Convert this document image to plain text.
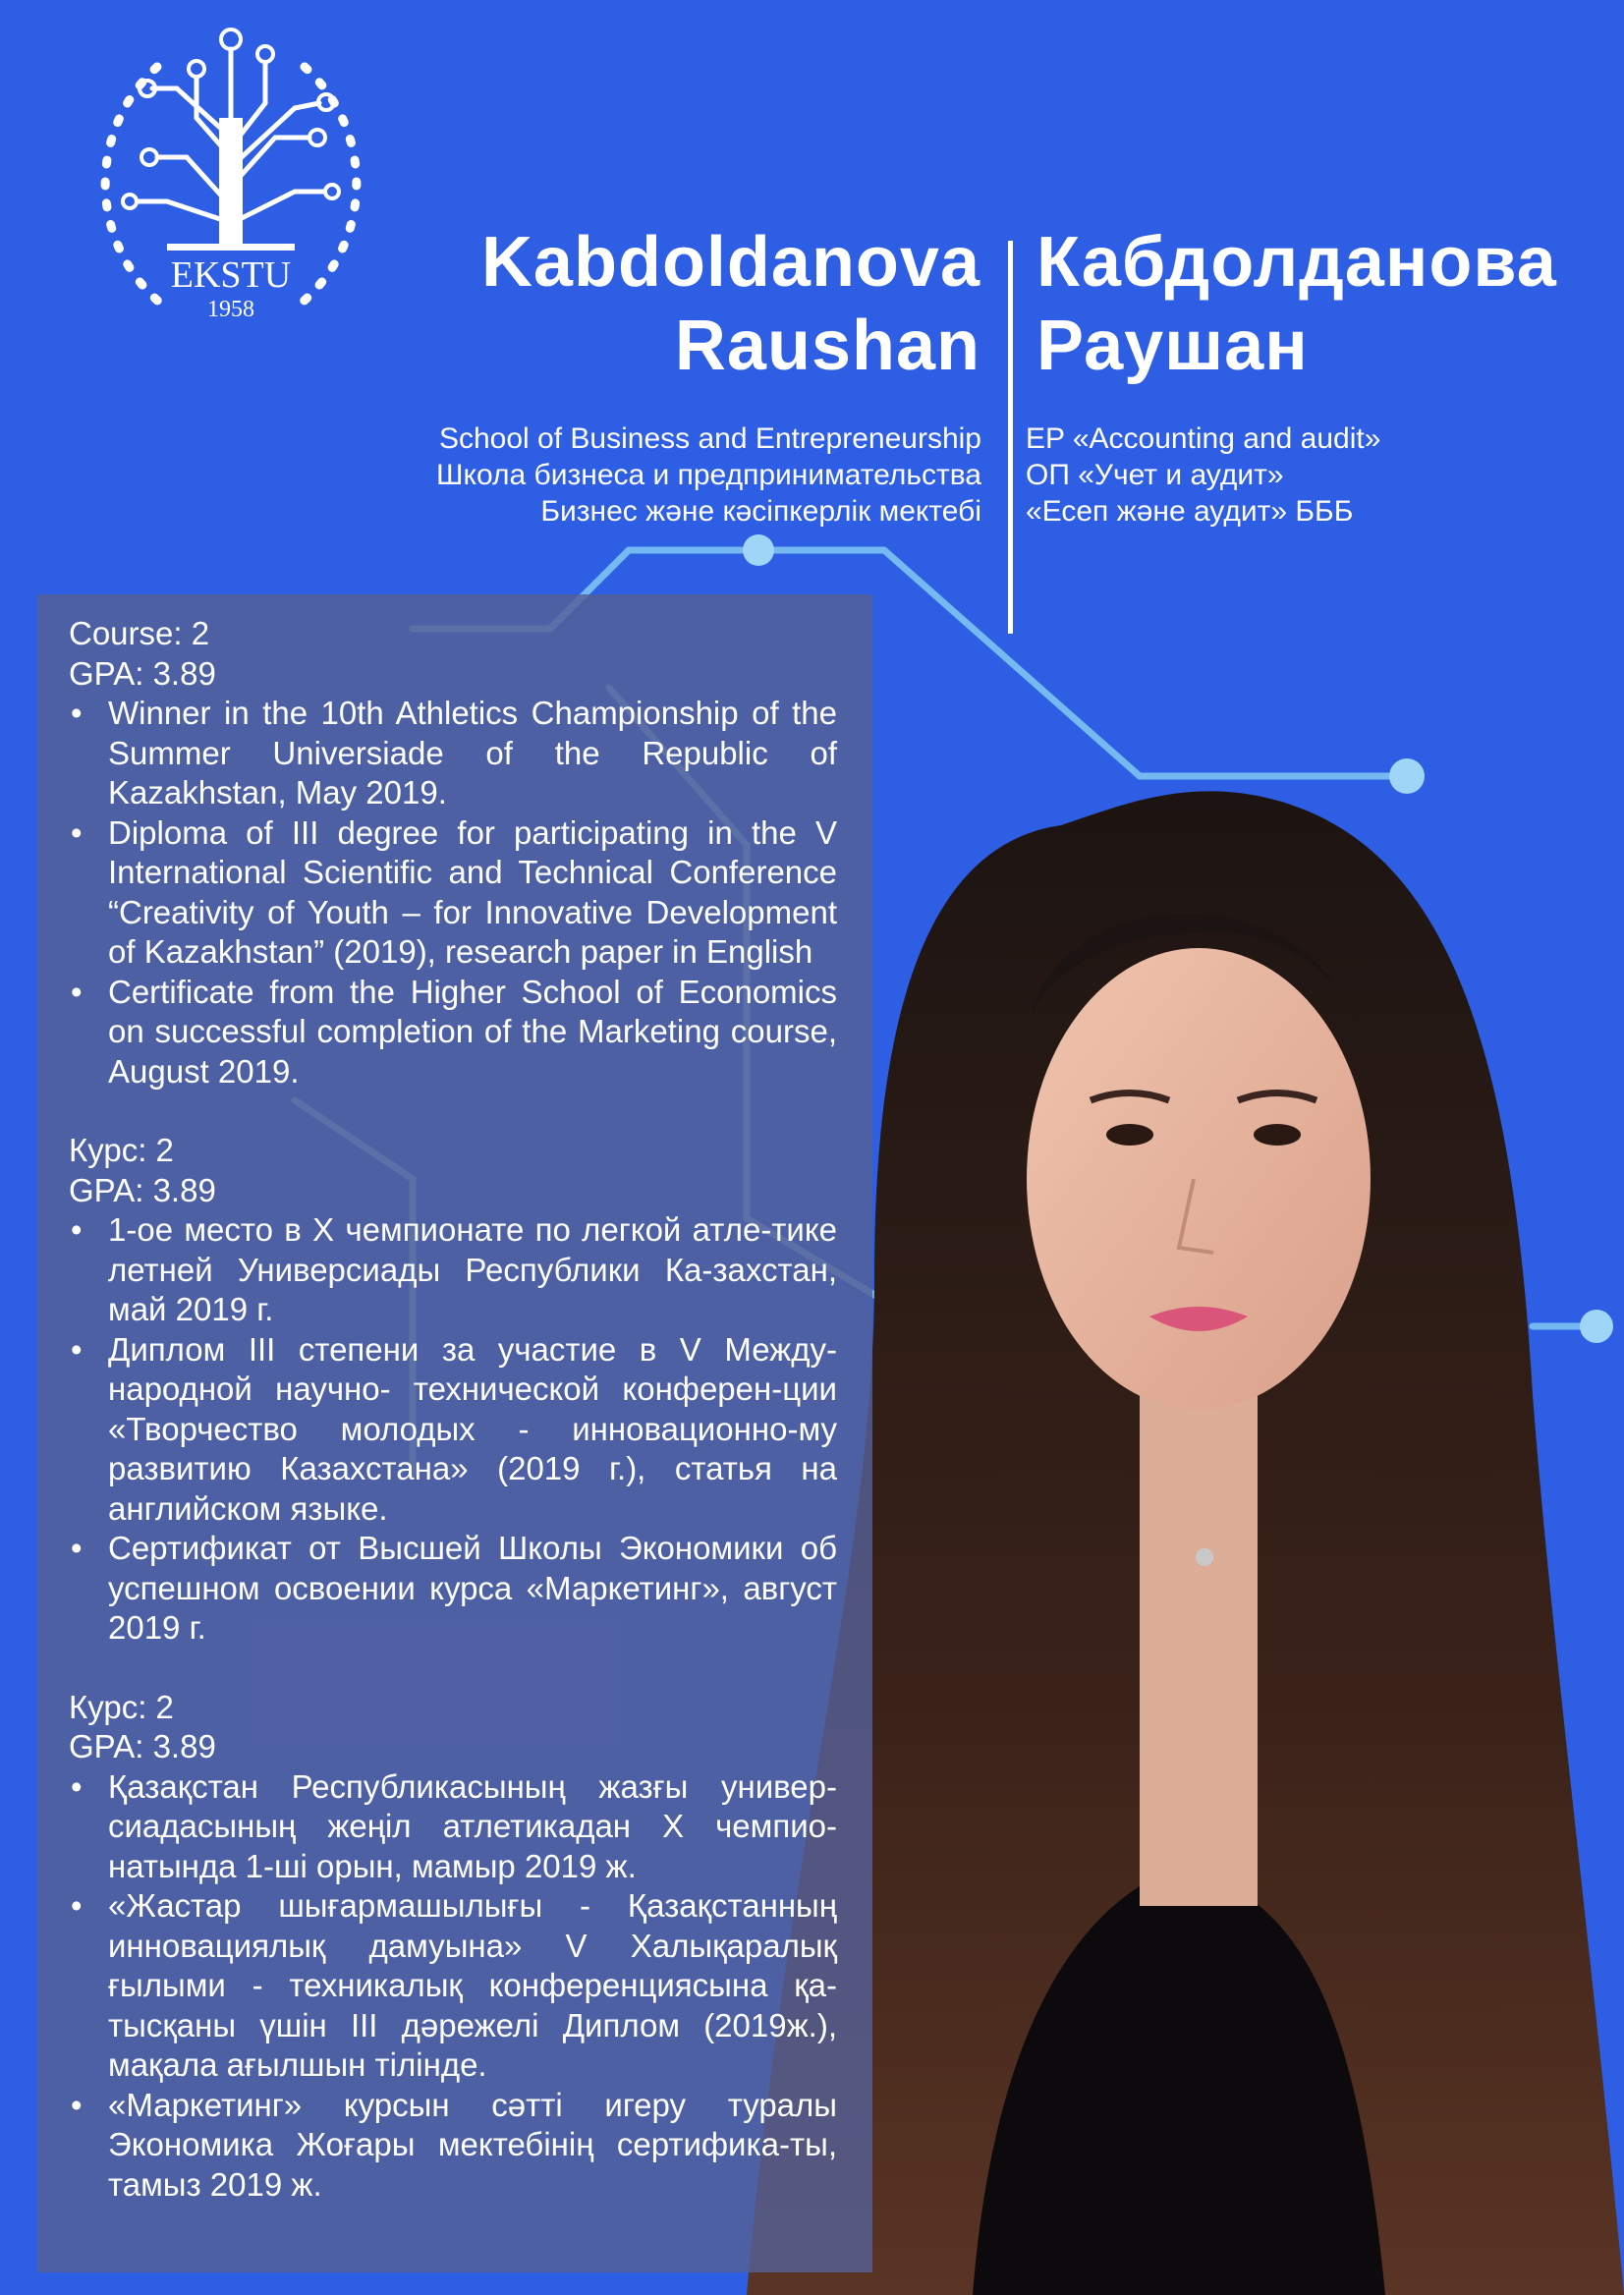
EKSTU
1958
Kabdoldanova
Raushan
Кабдолданова
Раушан
School of Business and Entrepreneurship
Школа бизнеса и предпринимательства
Бизнес және кәсіпкерлік мектебі
EP «Accounting and audit»
ОП «Учет и аудит»
«Есеп және аудит» БББ
Course: 2
GPA: 3.89
• Winner in the 10th Athletics Championship of the Summer Universiade of the Republic of Kazakhstan, May 2019.
• Diploma of III degree for participating in the V International Scientific and Technical Conference “Creativity of Youth – for Innovative Development of Kazakhstan” (2019), research paper in English
• Certificate from the Higher School of Economics on successful completion of the Marketing course, August 2019.
Курс: 2
GPA: 3.89
• 1-ое место в X чемпионате по легкой атле-тике летней Универсиады Республики Ка-захстан, май 2019 г.
• Диплом III степени за участие в V Между-народной научно- технической конферен-ции «Творчество молодых - инновационно-му развитию Казахстана» (2019 г.), статья на английском языке.
• Сертификат от Высшей Школы Экономики об успешном освоении курса «Маркетинг», август 2019 г.
Курс: 2
GPA: 3.89
• Қазақстан Республикасының жазғы универ-сиадасының жеңіл атлетикадан X чемпио-натында 1-ші орын, мамыр 2019 ж.
• «Жастар шығармашылығы - Қазақстанның инновациялық дамуына» V Халықаралық ғылыми - техникалық конференциясына қа-тысқаны үшін III дәрежелі Диплом (2019ж.), мақала ағылшын тілінде.
• «Маркетинг» курсын сәтті игеру туралы Экономика Жоғары мектебінің сертифика-ты, тамыз 2019 ж.
